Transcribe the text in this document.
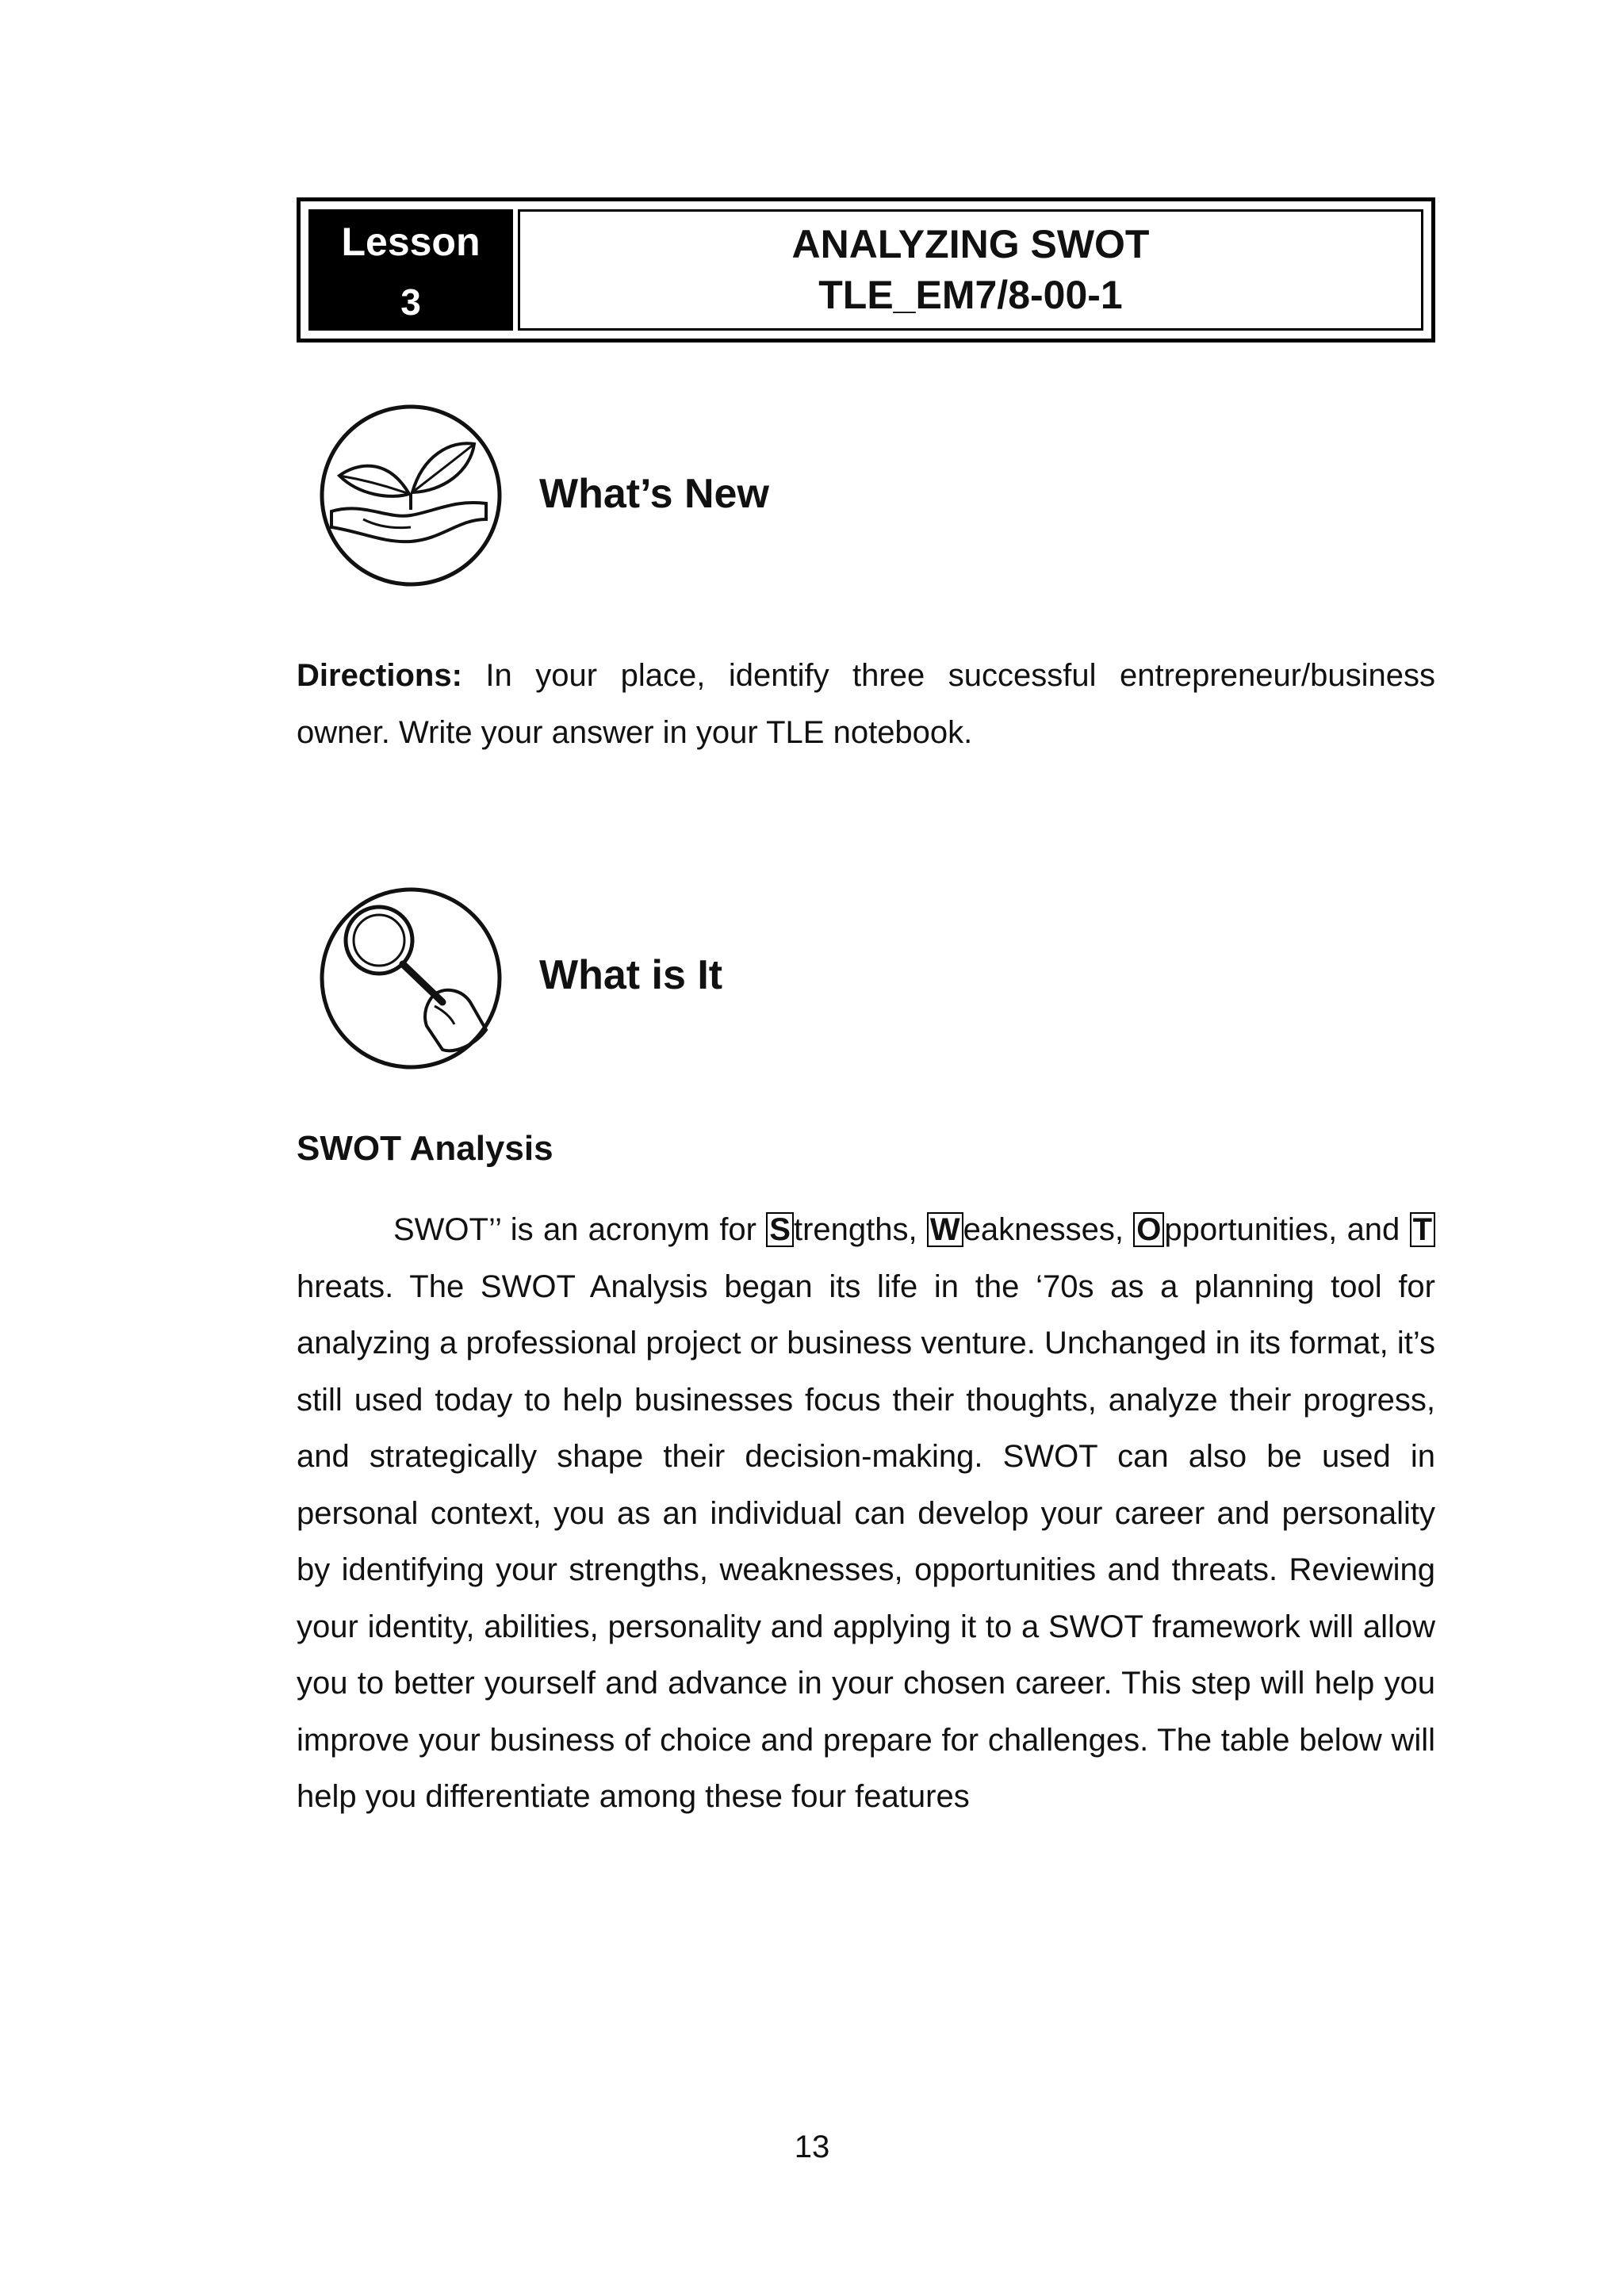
Lesson
3
ANALYZING SWOT
TLE_EM7/8-00-1
What’s New
Directions: In your place, identify three successful entrepreneur/business owner. Write your answer in your TLE notebook.
What is It
SWOT Analysis
SWOT’’ is an acronym for S trengths, W eaknesses, O pportunities, and Threats. The SWOT Analysis began its life in the ‘70s as a planning tool for analyzing a professional project or business venture. Unchanged in its format, it’s still used today to help businesses focus their thoughts, analyze their progress, and strategically shape their decision-making. SWOT can also be used in personal context, you as an individual can develop your career and personality by identifying your strengths, weaknesses, opportunities and threats. Reviewing your identity, abilities, personality and applying it to a SWOT framework will allow you to better yourself and advance in your chosen career. This step will help you improve your business of choice and prepare for challenges. The table below will help you differentiate among these four features
13
